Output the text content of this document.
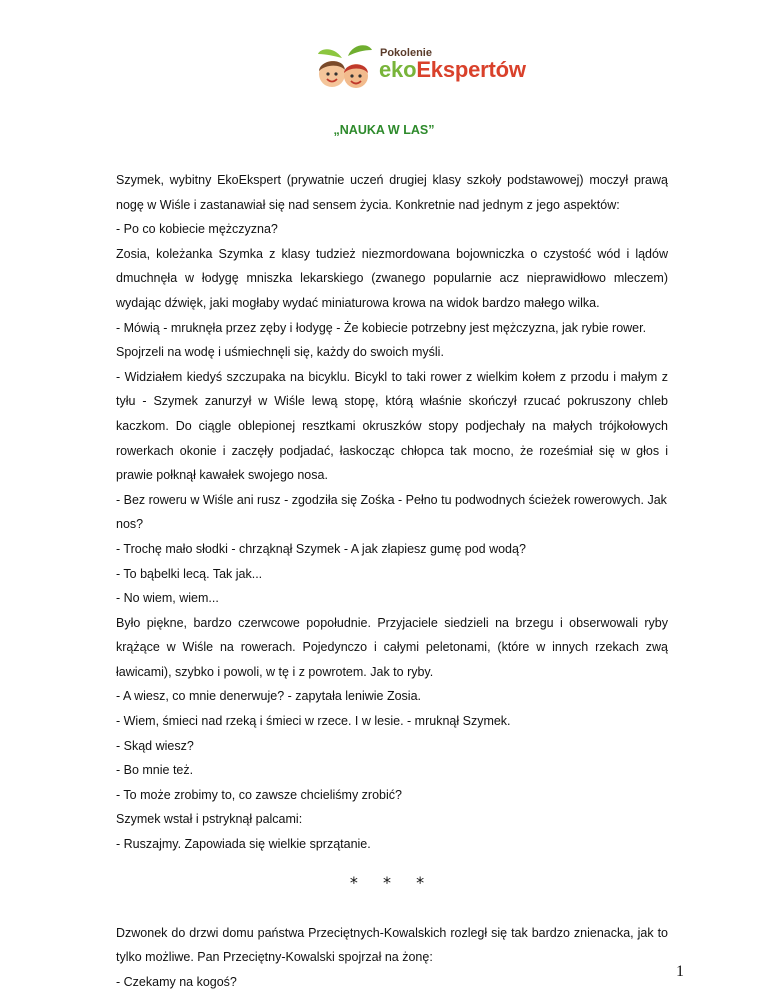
Pokolenie
ekoEkspertów
„NAUKA W LAS”

Szymek, wybitny EkoEkspert (prywatnie uczeń drugiej klasy szkoły podstawowej) moczył prawą nogę w Wiśle i zastanawiał się nad sensem życia. Konkretnie nad jednym z jego aspektów:

- Po co kobiecie mężczyzna?

Zosia, koleżanka Szymka z klasy tudzież niezmordowana bojowniczka o czystość wód i lądów dmuchnęła w łodygę mniszka lekarskiego (zwanego popularnie acz nieprawidłowo mleczem) wydając dźwięk, jaki mogłaby wydać miniaturowa krowa na widok bardzo małego wilka.

- Mówią - mruknęła przez zęby i łodygę - Że kobiecie potrzebny jest mężczyzna, jak rybie rower.

Spojrzeli na wodę i uśmiechnęli się, każdy do swoich myśli.

- Widziałem kiedyś szczupaka na bicyklu. Bicykl to taki rower z wielkim kołem z przodu i małym z tyłu - Szymek zanurzył w Wiśle lewą stopę, którą właśnie skończył rzucać pokruszony chleb kaczkom. Do ciągle oblepionej resztkami okruszków stopy podjechały na małych trójkołowych rowerkach okonie i zaczęły podjadać, łaskocząc chłopca tak mocno, że roześmiał się w głos i prawie połknął kawałek swojego nosa.

- Bez roweru w Wiśle ani rusz - zgodziła się Zośka - Pełno tu podwodnych ścieżek rowerowych. Jak nos?

- Trochę mało słodki - chrząknął Szymek - A jak złapiesz gumę pod wodą?

- To bąbelki lecą. Tak jak...

- No wiem, wiem...

Było piękne, bardzo czerwcowe popołudnie. Przyjaciele siedzieli na brzegu i obserwowali ryby krążące w Wiśle na rowerach. Pojedynczo i całymi peletonami, (które w innych rzekach zwą ławicami), szybko i powoli, w tę i z powrotem. Jak to ryby.

- A wiesz, co mnie denerwuje? - zapytała leniwie Zosia.

- Wiem, śmieci nad rzeką i śmieci w rzece. I w lesie. - mruknął Szymek.

- Skąd wiesz?

- Bo mnie też.

- To może zrobimy to, co zawsze chcieliśmy zrobić?

Szymek wstał i pstryknął palcami:

- Ruszajmy. Zapowiada się wielkie sprzątanie.

* * *

Dzwonek do drzwi domu państwa Przeciętnych-Kowalskich rozległ się tak bardzo znienacka, jak to tylko możliwe. Pan Przeciętny-Kowalski spojrzał na żonę:

- Czekamy na kogoś?

1
